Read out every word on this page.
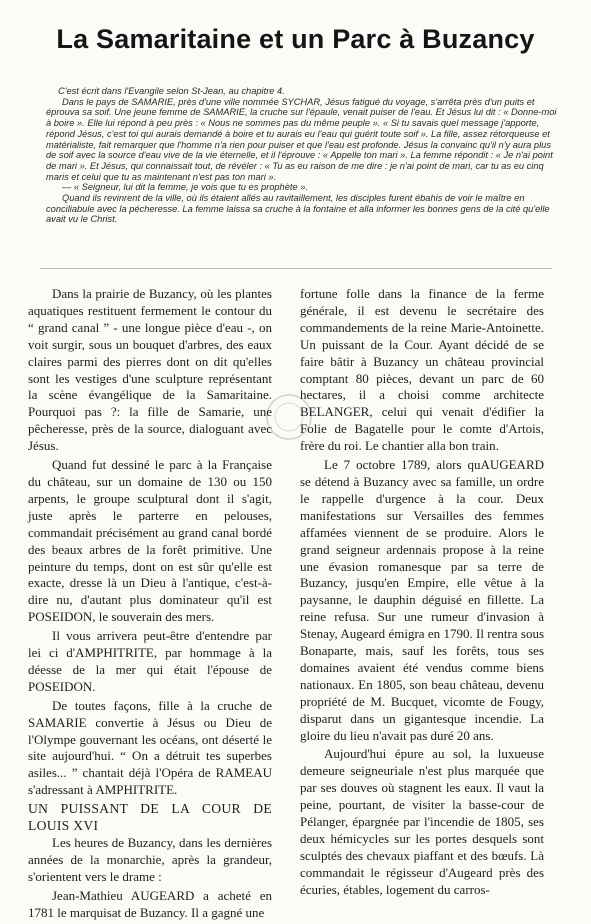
La Samaritaine et un Parc à Buzancy

C'est écrit dans l'Evangile selon St-Jean, au chapitre 4.

Dans le pays de SAMARIE, près d'une ville nommée SYCHAR, Jésus fatigué du voyage, s'arrêta près d'un puits et éprouva sa soif. Une jeune femme de SAMARIE, la cruche sur l'épaule, venait puiser de l'eau. Et Jésus lui dit : « Donne-moi à boire ». Elle lui répond à peu près : « Nous ne sommes pas du même peuple ». « Si tu savais quel message j'apporte, répond Jésus, c'est toi qui aurais demandé à boire et tu aurais eu l'eau qui guérit toute soif ». La fille, assez rétorqueuse et matérialiste, fait remarquer que l'homme n'a rien pour puiser et que l'eau est profonde. Jésus la convainc qu'il n'y aura plus de soif avec la source d'eau vive de la vie éternelle, et il l'éprouve : « Appelle ton mari ». La femme répondit : « Je n'ai point de mari ». Et Jésus, qui connaissait tout, de révéler : « Tu as eu raison de me dire : je n'ai point de mari, car tu as eu cinq maris et celui que tu as maintenant n'est pas ton mari ».

— « Seigneur, lui dit la femme, je vois que tu es prophète ».

Quand ils revinrent de la ville, où ils étaient allés au ravitaillement, les disciples furent ébahis de voir le maître en conciliabule avec la pécheresse. La femme laissa sa cruche à la fontaine et alla informer les bonnes gens de la cité qu'elle avait vu le Christ.

Dans la prairie de Buzancy, où les plantes aquatiques restituent fermement le contour du “ grand canal ” - une longue pièce d'eau -, on voit surgir, sous un bouquet d'arbres, des eaux claires parmi des pierres dont on dit qu'elles sont les vestiges d'une sculpture représentant la scène évangélique de la Samaritaine. Pourquoi pas ?: la fille de Samarie, une pêcheresse, près de la source, dialoguant avec Jésus.

Quand fut dessiné le parc à la Française du château, sur un domaine de 130 ou 150 arpents, le groupe sculptural dont il s'agit, juste après le parterre en pelouses, commandait précisément au grand canal bordé des beaux arbres de la forêt primitive. Une peinture du temps, dont on est sûr qu'elle est exacte, dresse là un Dieu à l'antique, c'est-à-dire nu, d'autant plus dominateur qu'il est POSEIDON, le souverain des mers.

Il vous arrivera peut-être d'entendre par lei ci d'AMPHITRITE, par hommage à la déesse de la mer qui était l'épouse de POSEIDON.

De toutes façons, fille à la cruche de SAMARIE convertie à Jésus ou Dieu de l'Olympe gouvernant les océans, ont déserté le site aujourd'hui. “ On a détruit tes superbes asiles... ” chantait déjà l'Opéra de RAMEAU s'adressant à AMPHITRITE.

UN PUISSANT DE LA COUR DE LOUIS XVI

Les heures de Buzancy, dans les dernières années de la monarchie, après la grandeur, s'orientent vers le drame :

Jean-Mathieu AUGEARD a acheté en 1781 le marquisat de Buzancy. Il a gagné une

fortune folle dans la finance de la ferme générale, il est devenu le secrétaire des commandements de la reine Marie-Antoinette. Un puissant de la Cour. Ayant décidé de se faire bâtir à Buzancy un château provincial comptant 80 pièces, devant un parc de 60 hectares, il a choisi comme architecte BELANGER, celui qui venait d'édifier la Folie de Bagatelle pour le comte d'Artois, frère du roi. Le chantier alla bon train.

Le 7 octobre 1789, alors quAUGEARD se détend à Buzancy avec sa famille, un ordre le rappelle d'urgence à la cour. Deux manifestations sur Versailles des femmes affamées viennent de se produire. Alors le grand seigneur ardennais propose à la reine une évasion romanesque par sa terre de Buzancy, jusqu'en Empire, elle vêtue à la paysanne, le dauphin déguisé en fillette. La reine refusa. Sur une rumeur d'invasion à Stenay, Augeard émigra en 1790. Il rentra sous Bonaparte, mais, sauf les forêts, tous ses domaines avaient été vendus comme biens nationaux. En 1805, son beau château, devenu propriété de M. Bucquet, vicomte de Fougy, disparut dans un gigantesque incendie. La gloire du lieu n'avait pas duré 20 ans.

Aujourd'hui épure au sol, la luxueuse demeure seigneuriale n'est plus marquée que par ses douves où stagnent les eaux. Il vaut la peine, pourtant, de visiter la basse-cour de Pélanger, épargnée par l'incendie de 1805, ses deux hémicycles sur les portes desquels sont sculptés des chevaux piaffant et des bœufs. Là commandait le régisseur d'Augeard près des écuries, étables, logement du carros-
